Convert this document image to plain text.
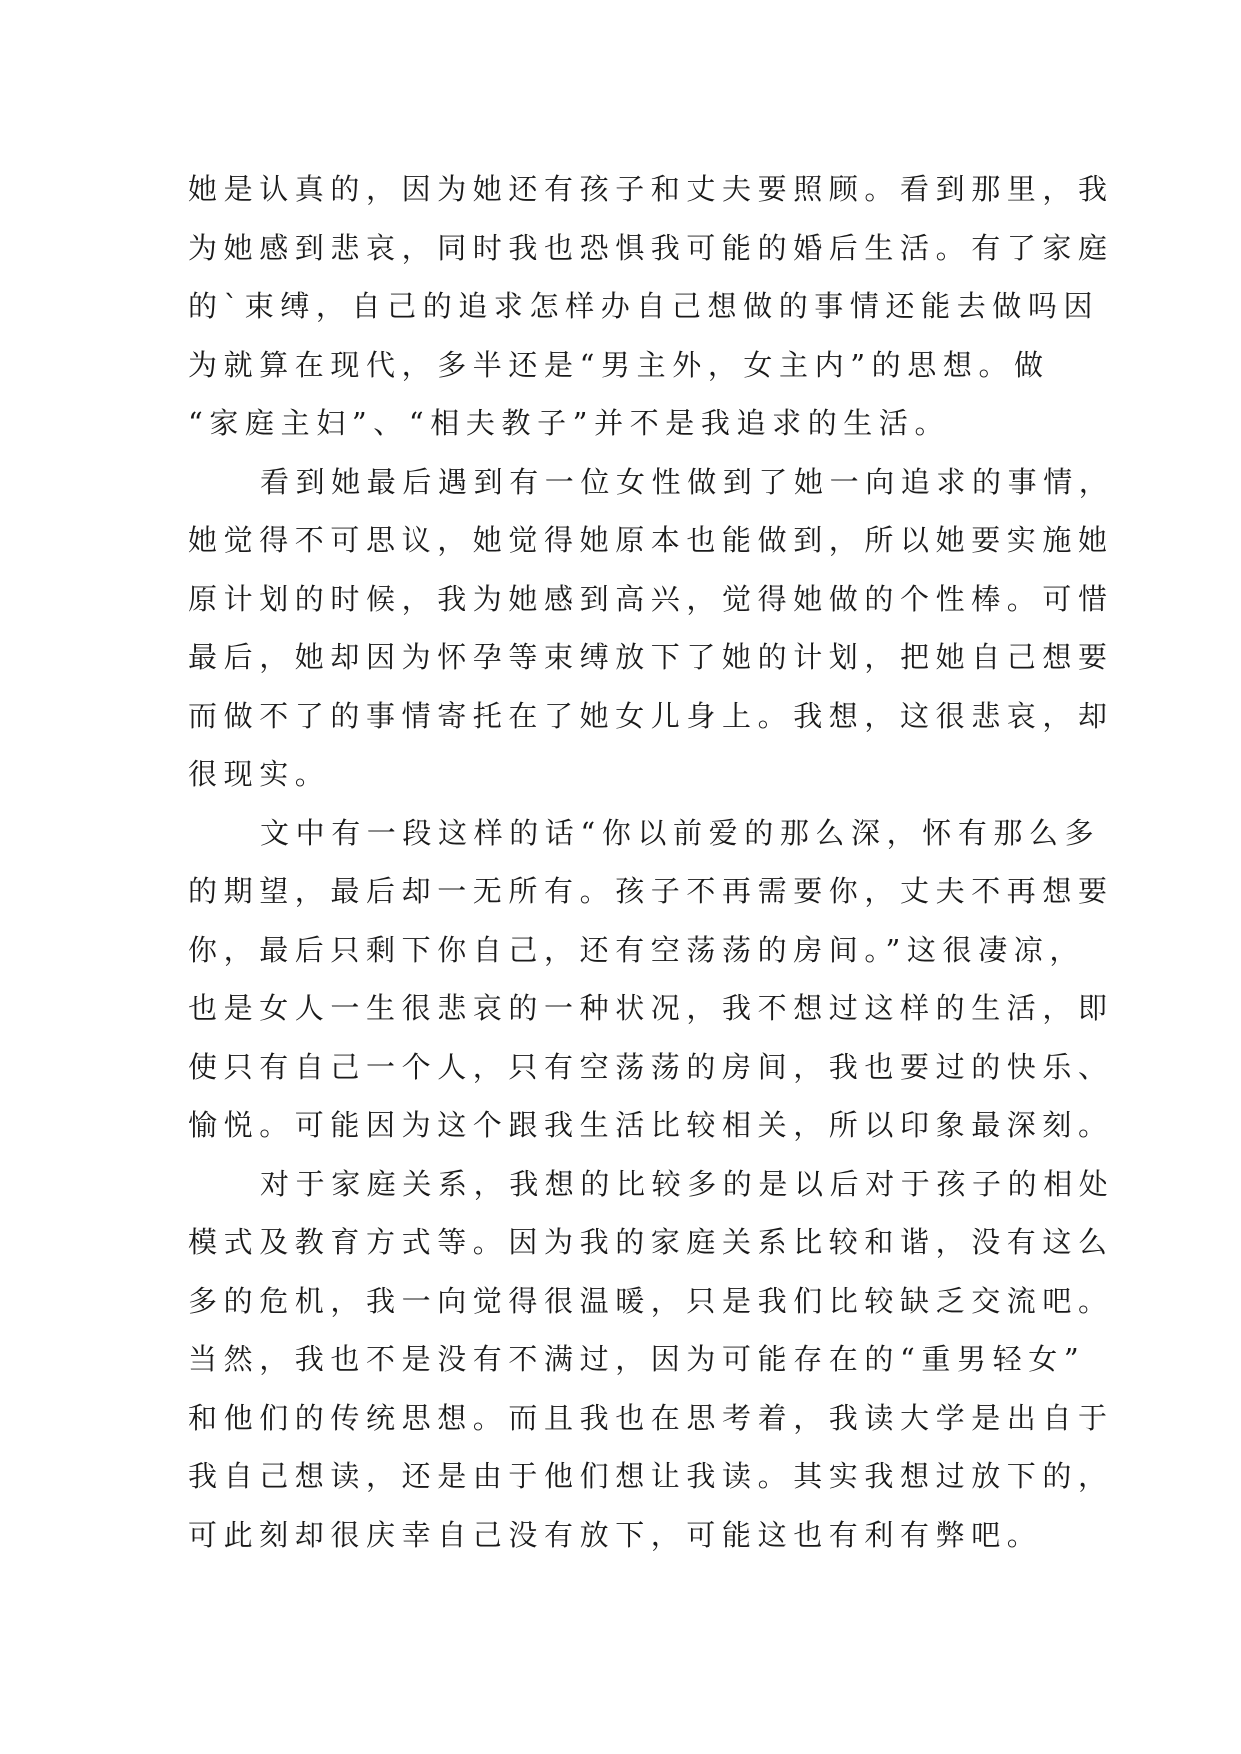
她是认真的，因为她还有孩子和丈夫要照顾。看到那里，我
为她感到悲哀，同时我也恐惧我可能的婚后生活。有了家庭
的`束缚，自己的追求怎样办自己想做的事情还能去做吗因
为就算在现代，多半还是“男主外，女主内”的思想。做
“家庭主妇”、“相夫教子”并不是我追求的生活。
看到她最后遇到有一位女性做到了她一向追求的事情，
她觉得不可思议，她觉得她原本也能做到，所以她要实施她
原计划的时候，我为她感到高兴，觉得她做的个性棒。可惜
最后，她却因为怀孕等束缚放下了她的计划，把她自己想要
而做不了的事情寄托在了她女儿身上。我想，这很悲哀，却
很现实。
文中有一段这样的话“你以前爱的那么深，怀有那么多
的期望，最后却一无所有。孩子不再需要你，丈夫不再想要
你，最后只剩下你自己，还有空荡荡的房间。”这很凄凉，
也是女人一生很悲哀的一种状况，我不想过这样的生活，即
使只有自己一个人，只有空荡荡的房间，我也要过的快乐、
愉悦。可能因为这个跟我生活比较相关，所以印象最深刻。
对于家庭关系，我想的比较多的是以后对于孩子的相处
模式及教育方式等。因为我的家庭关系比较和谐，没有这么
多的危机，我一向觉得很温暖，只是我们比较缺乏交流吧。
当然，我也不是没有不满过，因为可能存在的“重男轻女”
和他们的传统思想。而且我也在思考着，我读大学是出自于
我自己想读，还是由于他们想让我读。其实我想过放下的，
可此刻却很庆幸自己没有放下，可能这也有利有弊吧。
